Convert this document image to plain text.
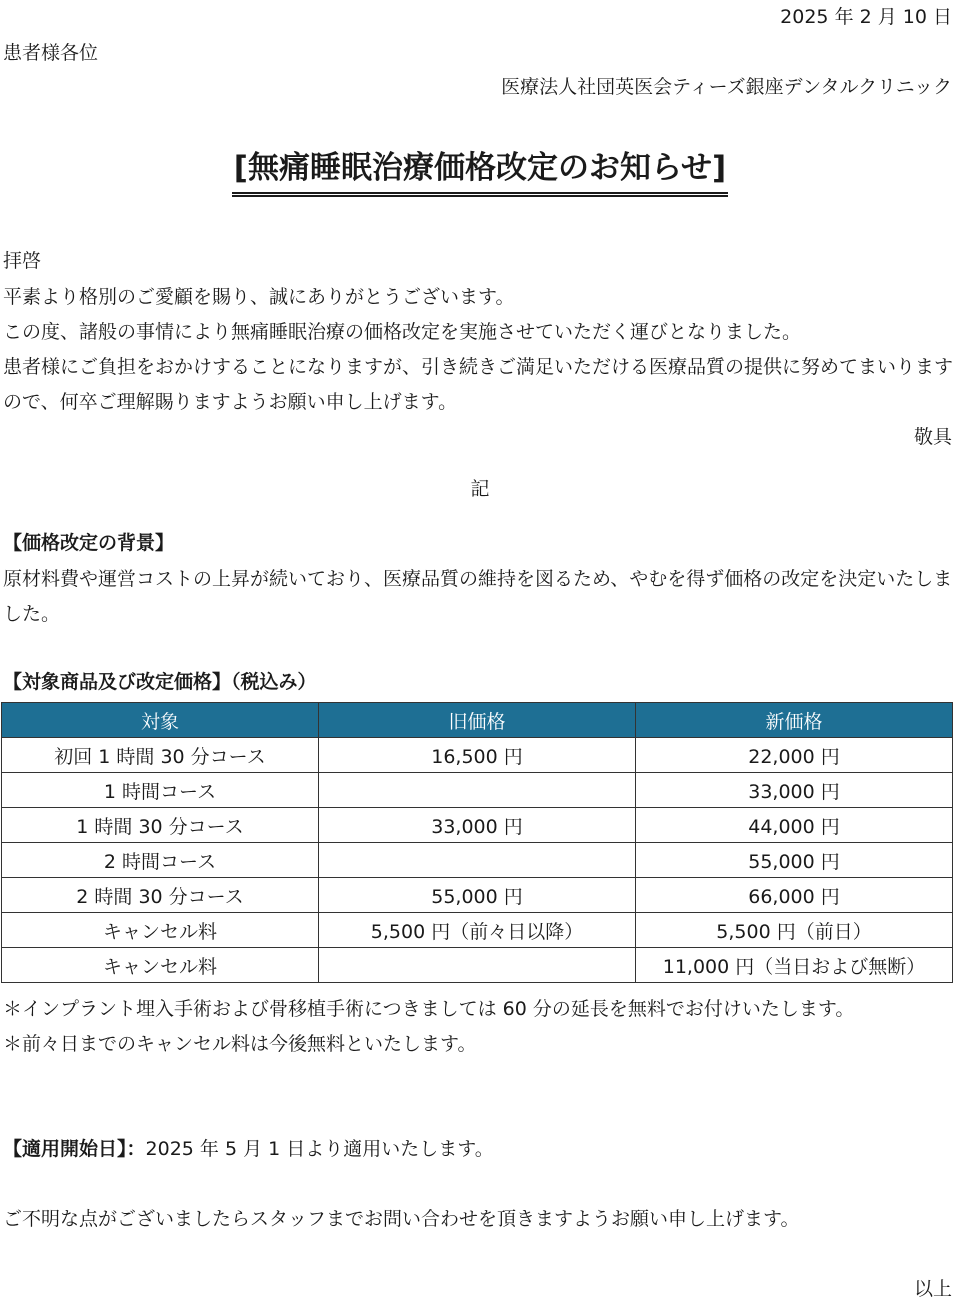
2025 年 2 月 10 日
患者様各位
医療法人社団英医会ティーズ銀座デンタルクリニック
[無痛睡眠治療価格改定のお知らせ]
拝啓

平素より格別のご愛顧を賜り、誠にありがとうございます。

この度、諸般の事情により無痛睡眠治療の価格改定を実施させていただく運びとなりました。

患者様にご負担をおかけすることになりますが、引き続きご満足いただける医療品質の提供に努めてまいりますので、何卒ご理解賜りますようお願い申し上げます。

敬具
記
【価格改定の背景】
原材料費や運営コストの上昇が続いており、医療品質の維持を図るため、やむを得ず価格の改定を決定いたしました。
【対象商品及び改定価格】（税込み）
対象	旧価格	新価格
初回 1 時間 30 分コース	16,500 円	22,000 円
1 時間コース		33,000 円
1 時間 30 分コース	33,000 円	44,000 円
2 時間コース		55,000 円
2 時間 30 分コース	55,000 円	66,000 円
キャンセル料	5,500 円（前々日以降）	5,500 円（前日）
キャンセル料		11,000 円（当日および無断）

＊インプラント埋入手術および骨移植手術につきましては 60 分の延長を無料でお付けいたします。

＊前々日までのキャンセル料は今後無料といたします。

【適用開始日】：2025 年 5 月 1 日より適用いたします。
ご不明な点がございましたらスタッフまでお問い合わせを頂きますようお願い申し上げます。
以上
